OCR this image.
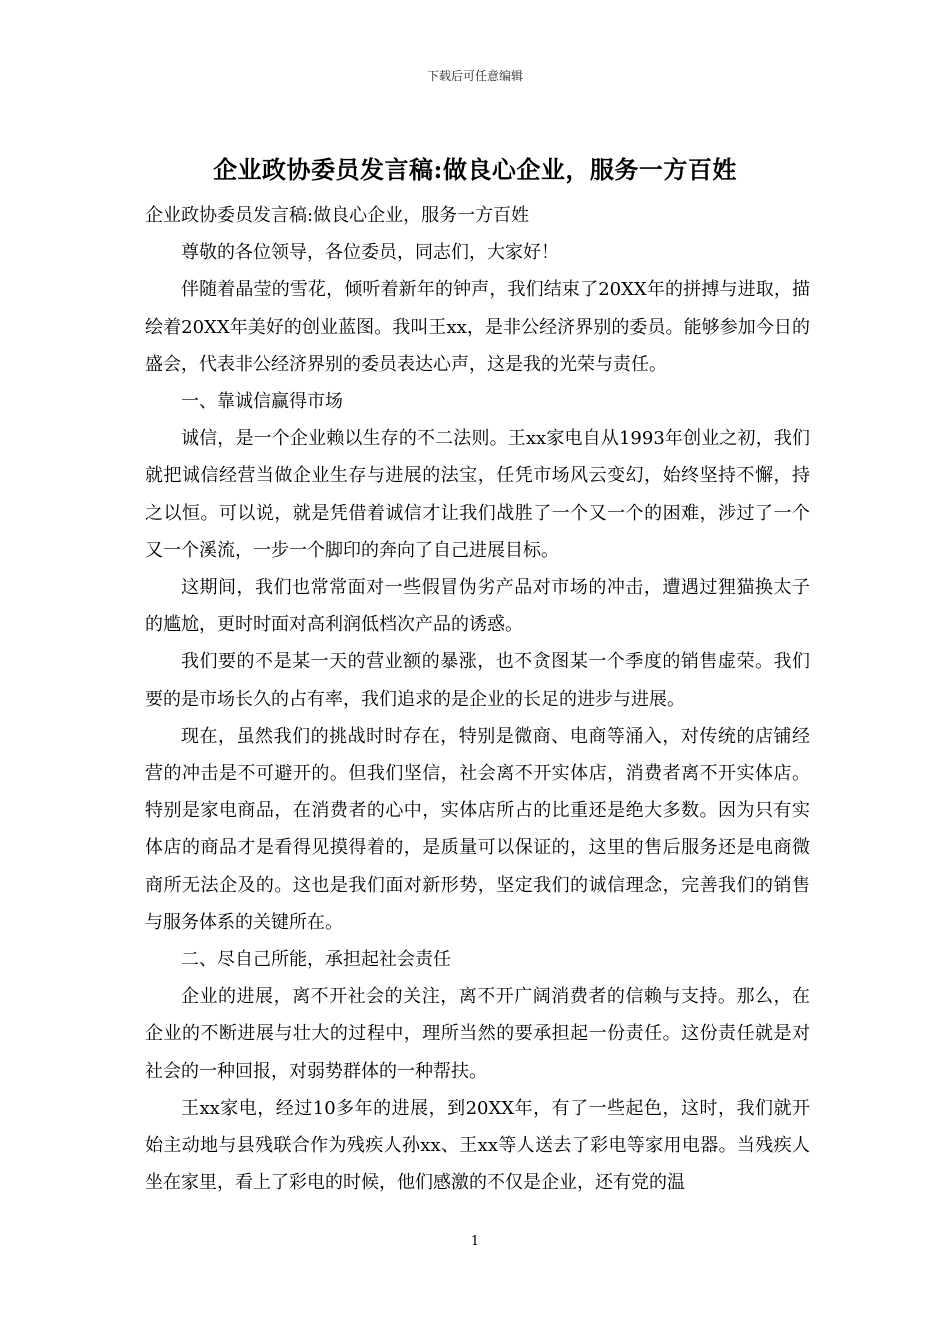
下载后可任意编辑
企业政协委员发言稿:做良心企业，服务一方百姓

企业政协委员发言稿:做良心企业，服务一方百姓

尊敬的各位领导，各位委员，同志们，大家好！

伴随着晶莹的雪花，倾听着新年的钟声，我们结束了20XX年的拼搏与进取，描绘着20XX年美好的创业蓝图。我叫王xx，是非公经济界别的委员。能够参加今日的盛会，代表非公经济界别的委员表达心声，这是我的光荣与责任。

一、靠诚信赢得市场

诚信，是一个企业赖以生存的不二法则。王xx家电自从1993年创业之初，我们就把诚信经营当做企业生存与进展的法宝，任凭市场风云变幻，始终坚持不懈，持之以恒。可以说，就是凭借着诚信才让我们战胜了一个又一个的困难，涉过了一个又一个溪流，一步一个脚印的奔向了自己进展目标。

这期间，我们也常常面对一些假冒伪劣产品对市场的冲击，遭遇过狸猫换太子的尴尬，更时时面对高利润低档次产品的诱惑。

我们要的不是某一天的营业额的暴涨，也不贪图某一个季度的销售虚荣。我们要的是市场长久的占有率，我们追求的是企业的长足的进步与进展。

现在，虽然我们的挑战时时存在，特别是微商、电商等涌入，对传统的店铺经营的冲击是不可避开的。但我们坚信，社会离不开实体店，消费者离不开实体店。特别是家电商品，在消费者的心中，实体店所占的比重还是绝大多数。因为只有实体店的商品才是看得见摸得着的，是质量可以保证的，这里的售后服务还是电商微商所无法企及的。这也是我们面对新形势，坚定我们的诚信理念，完善我们的销售与服务体系的关键所在。

二、尽自己所能，承担起社会责任

企业的进展，离不开社会的关注，离不开广阔消费者的信赖与支持。那么，在企业的不断进展与壮大的过程中，理所当然的要承担起一份责任。这份责任就是对社会的一种回报，对弱势群体的一种帮扶。

王xx家电，经过10多年的进展，到20XX年，有了一些起色，这时，我们就开始主动地与县残联合作为残疾人孙xx、王xx等人送去了彩电等家用电器。当残疾人坐在家里，看上了彩电的时候，他们感激的不仅是企业，还有党的温

1
